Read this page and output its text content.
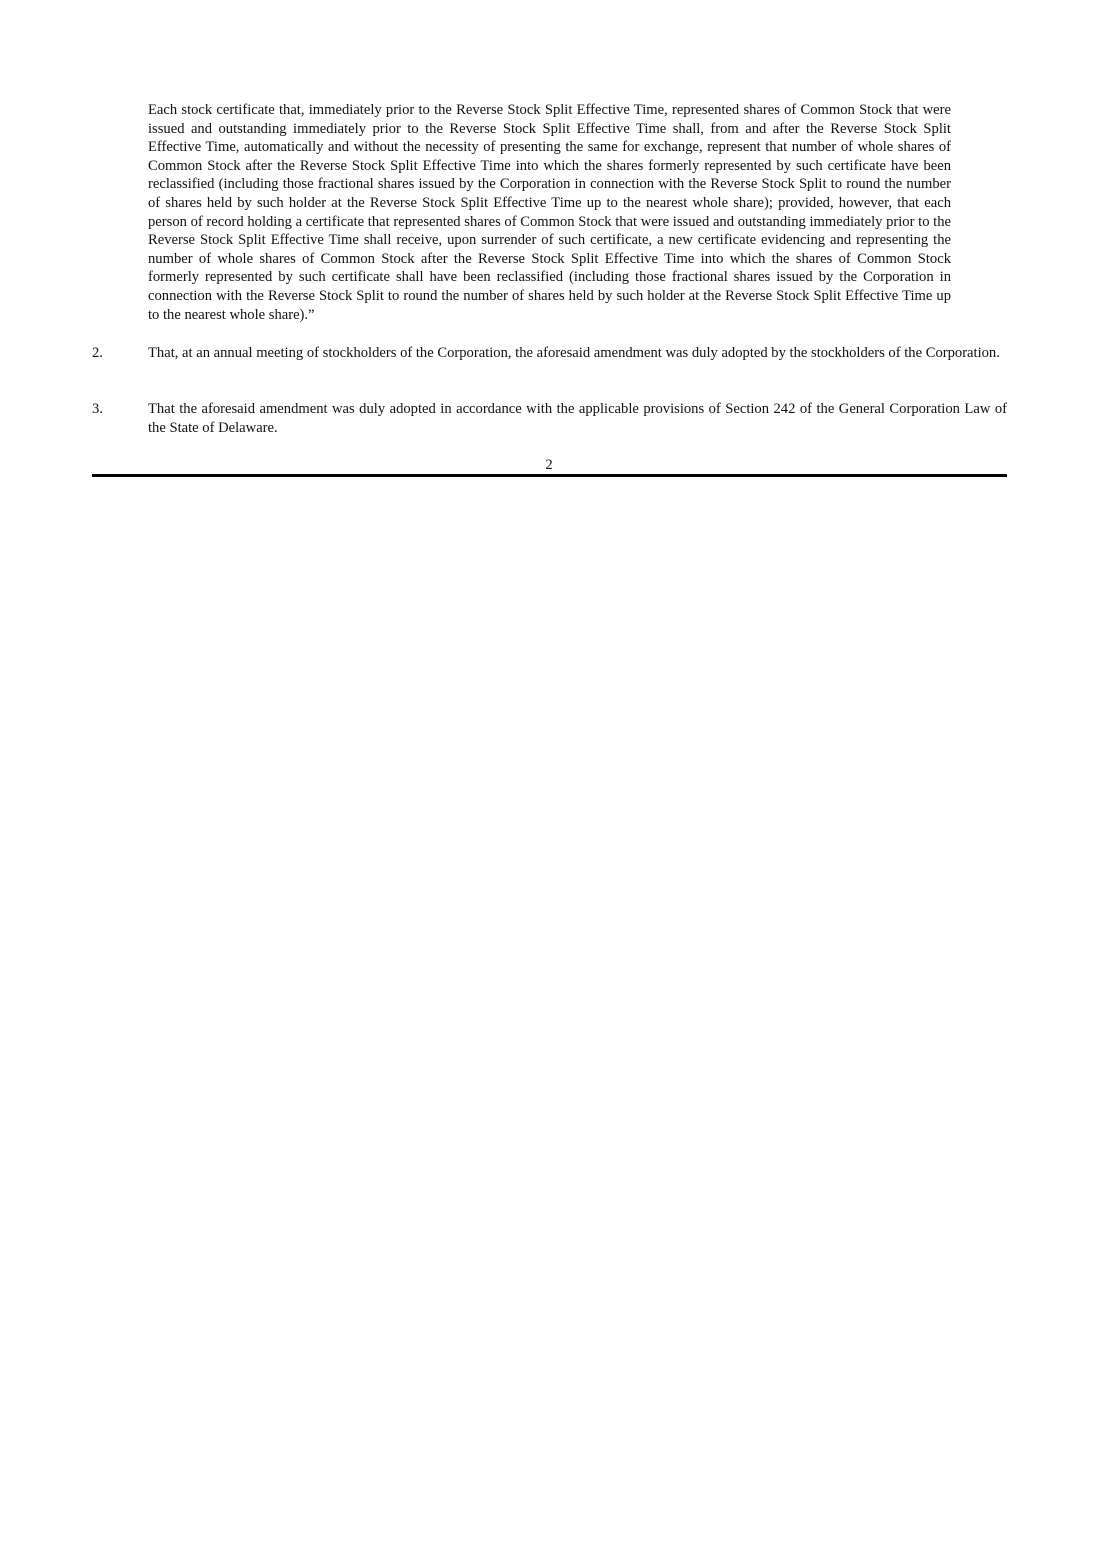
Each stock certificate that, immediately prior to the Reverse Stock Split Effective Time, represented shares of Common Stock that were issued and outstanding immediately prior to the Reverse Stock Split Effective Time shall, from and after the Reverse Stock Split Effective Time, automatically and without the necessity of presenting the same for exchange, represent that number of whole shares of Common Stock after the Reverse Stock Split Effective Time into which the shares formerly represented by such certificate have been reclassified (including those fractional shares issued by the Corporation in connection with the Reverse Stock Split to round the number of shares held by such holder at the Reverse Stock Split Effective Time up to the nearest whole share); provided, however, that each person of record holding a certificate that represented shares of Common Stock that were issued and outstanding immediately prior to the Reverse Stock Split Effective Time shall receive, upon surrender of such certificate, a new certificate evidencing and representing the number of whole shares of Common Stock after the Reverse Stock Split Effective Time into which the shares of Common Stock formerly represented by such certificate shall have been reclassified (including those fractional shares issued by the Corporation in connection with the Reverse Stock Split to round the number of shares held by such holder at the Reverse Stock Split Effective Time up to the nearest whole share).”

2.	That, at an annual meeting of stockholders of the Corporation, the aforesaid amendment was duly adopted by the stockholders of the Corporation.

3.	That the aforesaid amendment was duly adopted in accordance with the applicable provisions of Section 242 of the General Corporation Law of the State of Delaware.

2
